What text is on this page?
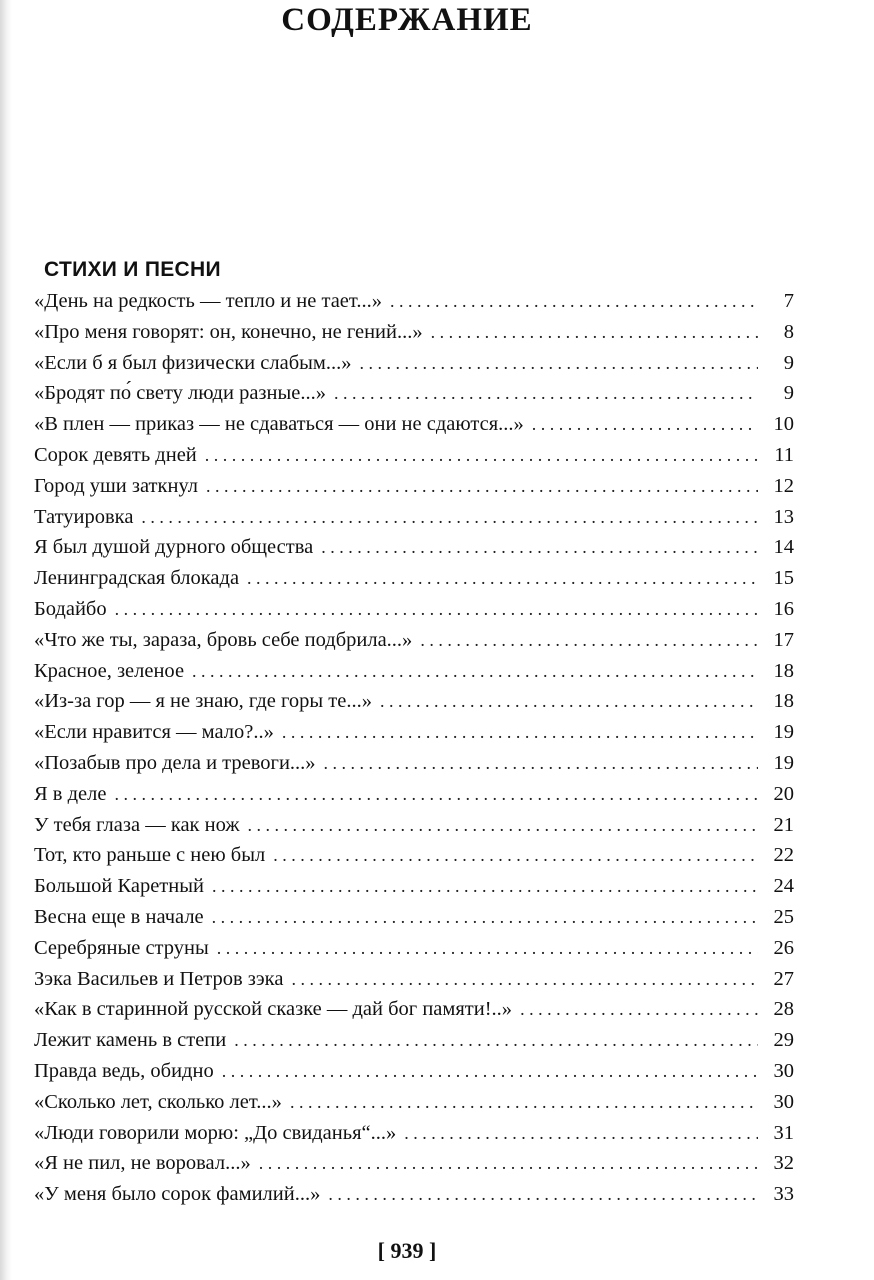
СОДЕРЖАНИЕ
СТИХИ И ПЕСНИ
«День на редкость — тепло и не тает...» . . .	7
«Про меня говорят: он, конечно, не гений...» . . .	8
«Если б я был физически слабым...» . . .	9
«Бродят по́ свету люди разные...» . . .	9
«В плен — приказ — не сдаваться — они не сдаются...» . . .	10
Сорок девять дней . . .	11
Город уши заткнул . . .	12
Татуировка . . .	13
Я был душой дурного общества . . .	14
Ленинградская блокада . . .	15
Бодайбо . . .	16
«Что же ты, зараза, бровь себе подбрила...» . . .	17
Красное, зеленое . . .	18
«Из-за гор — я не знаю, где горы те...» . . .	18
«Если нравится — мало?..» . . .	19
«Позабыв про дела и тревоги...» . . .	19
Я в деле . . .	20
У тебя глаза — как нож . . .	21
Тот, кто раньше с нею был . . .	22
Большой Каретный . . .	24
Весна еще в начале . . .	25
Серебряные струны . . .	26
Зэка Васильев и Петров зэка . . .	27
«Как в старинной русской сказке — дай бог памяти!..» . . .	28
Лежит камень в степи . . .	29
Правда ведь, обидно . . .	30
«Сколько лет, сколько лет...» . . .	30
«Люди говорили морю: „До свиданья“...» . . .	31
«Я не пил, не воровал...» . . .	32
«У меня было сорок фамилий...» . . .	33
[ 939 ]
